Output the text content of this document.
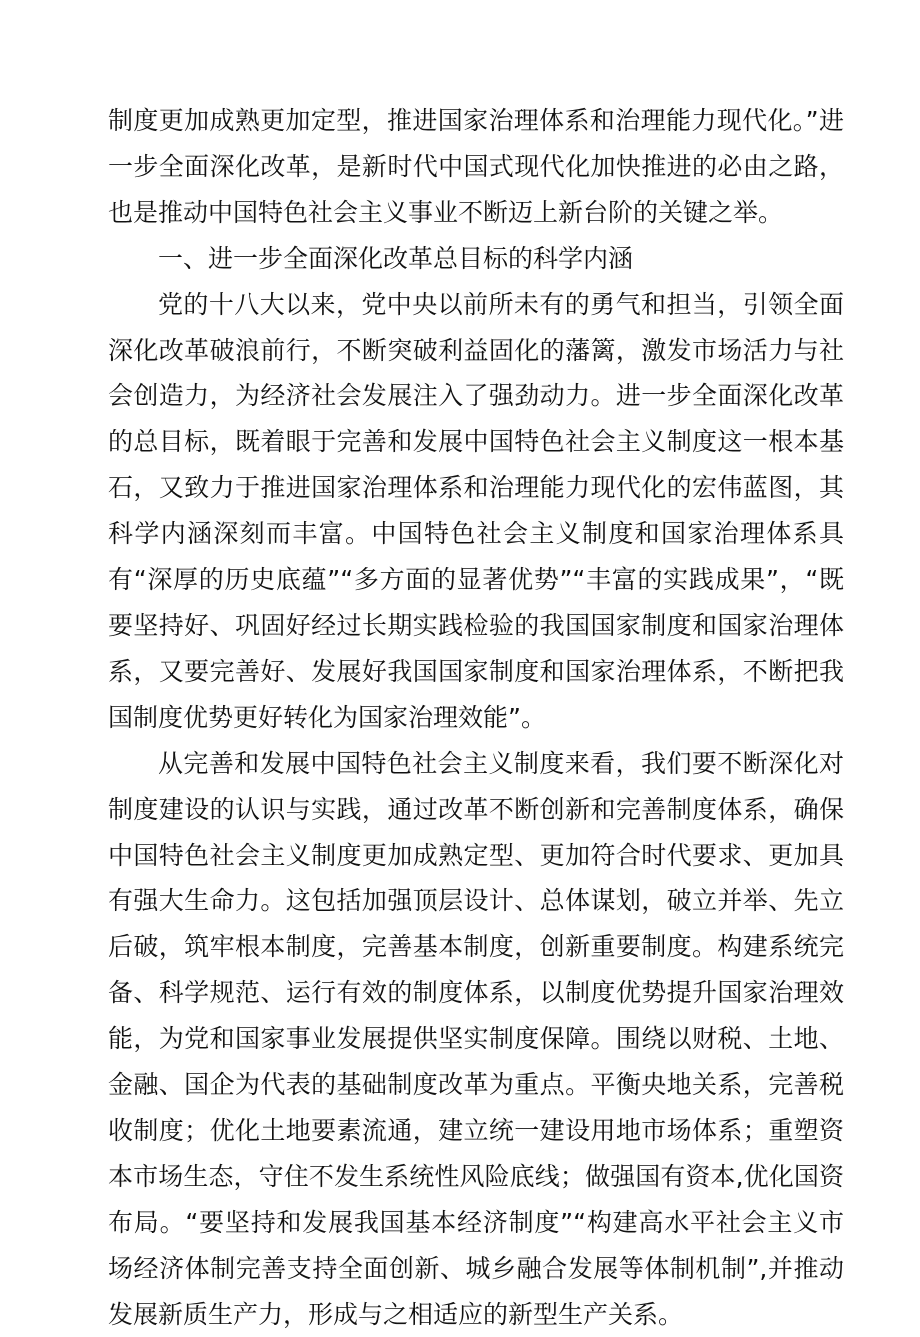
制度更加成熟更加定型，推进国家治理体系和治理能力现代化。”进一步全面深化改革，是新时代中国式现代化加快推进的必由之路，也是推动中国特色社会主义事业不断迈上新台阶的关键之举。

一、进一步全面深化改革总目标的科学内涵

党的十八大以来，党中央以前所未有的勇气和担当，引领全面深化改革破浪前行，不断突破利益固化的藩篱，激发市场活力与社会创造力，为经济社会发展注入了强劲动力。进一步全面深化改革的总目标，既着眼于完善和发展中国特色社会主义制度这一根本基石，又致力于推进国家治理体系和治理能力现代化的宏伟蓝图，其科学内涵深刻而丰富。中国特色社会主义制度和国家治理体系具有“深厚的历史底蕴”“多方面的显著优势”“丰富的实践成果”，“既要坚持好、巩固好经过长期实践检验的我国国家制度和国家治理体系，又要完善好、发展好我国国家制度和国家治理体系，不断把我国制度优势更好转化为国家治理效能”。

从完善和发展中国特色社会主义制度来看，我们要不断深化对制度建设的认识与实践，通过改革不断创新和完善制度体系，确保中国特色社会主义制度更加成熟定型、更加符合时代要求、更加具有强大生命力。这包括加强顶层设计、总体谋划，破立并举、先立后破，筑牢根本制度，完善基本制度，创新重要制度。构建系统完备、科学规范、运行有效的制度体系，以制度优势提升国家治理效能，为党和国家事业发展提供坚实制度保障。围绕以财税、土地、金融、国企为代表的基础制度改革为重点。平衡央地关系，完善税收制度；优化土地要素流通，建立统一建设用地市场体系；重塑资本市场生态，守住不发生系统性风险底线；做强国有资本,优化国资布局。“要坚持和发展我国基本经济制度”“构建高水平社会主义市场经济体制完善支持全面创新、城乡融合发展等体制机制”,并推动发展新质生产力，形成与之相适应的新型生产关系。
